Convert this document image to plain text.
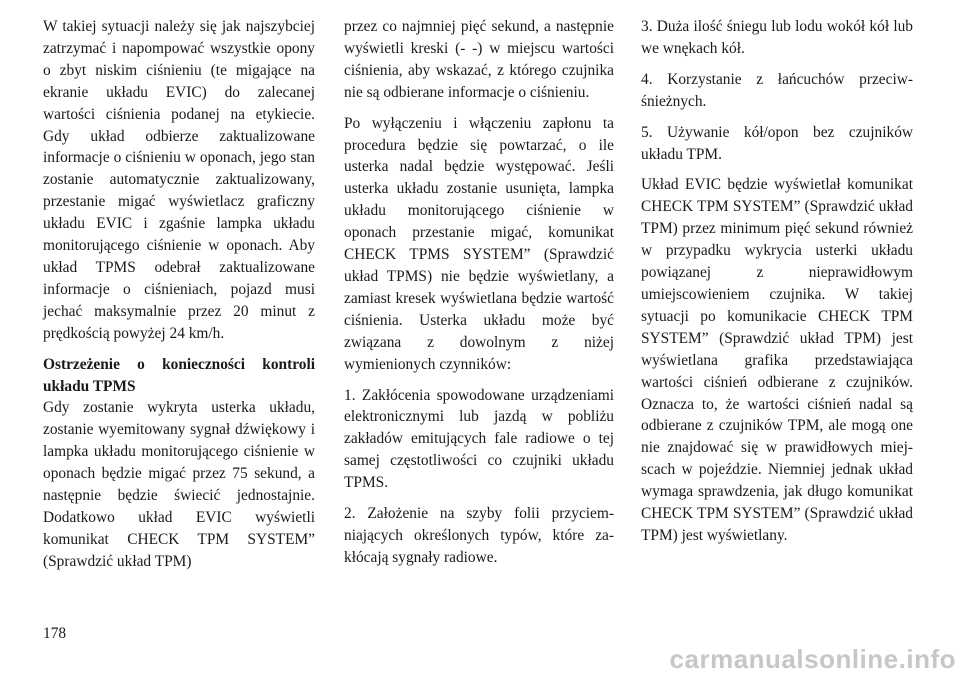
W takiej sytuacji należy się jak najszybciej zatrzymać i napompować wszystkie opony o zbyt niskim ciśnieniu (te migające na ekranie układu EVIC) do zalecanej wartości ciśnienia podanej na etykiecie. Gdy układ odbierze zaktualizowane informacje o ciśnieniu w oponach, jego stan zostanie automatycznie zaktualizowany, przestanie migać wyświetlacz graficzny układu EVIC i zgaśnie lampka układu monitorującego ciśnienie w oponach. Aby układ TPMS odebrał zaktualizowane informacje o ciśnieniach, pojazd musi jechać maksymalnie przez 20 minut z prędkością powyżej 24 km/h.

Ostrzeżenie o konieczności kontroli układu TPMS
Gdy zostanie wykryta usterka układu, zostanie wyemitowany sygnał dźwiękowy i lampka układu monitorującego ciśnienie w oponach będzie migać przez 75 sekund, a następnie będzie świecić jednostajnie. Dodatkowo układ EVIC wyświetli komunikat CHECK TPM SYSTEM” (Sprawdzić układ TPM)

przez co najmniej pięć sekund, a następnie wyświetli kreski (- -) w miejscu wartości ciśnienia, aby wskazać, z którego czujnika nie są odbierane informacje o ciśnieniu.

Po wyłączeniu i włączeniu zapłonu ta procedura będzie się powtarzać, o ile usterka nadal będzie występować. Jeśli usterka układu zostanie usunięta, lampka układu monitorującego ciśnienie w oponach przestanie migać, komunikat CHECK TPMS SYSTEM” (Sprawdzić układ TPMS) nie będzie wyświetlany, a zamiast kresek wyświetlana będzie wartość ciśnienia. Usterka układu może być związana z dowolnym z niżej wymienionych czynników:

1. Zakłócenia spowodowane urządzeniami elektronicznymi lub jazdą w pobliżu zakładów emitujących fale radiowe o tej samej częstotliwości co czujniki układu TPMS.

2. Założenie na szyby folii przyciemniających określonych typów, które zakłócają sygnały radiowe.

3. Duża ilość śniegu lub lodu wokół kół lub we wnękach kół.

4. Korzystanie z łańcuchów przeciwśnieżnych.

5. Używanie kół/opon bez czujników układu TPM.

Układ EVIC będzie wyświetlał komunikat CHECK TPM SYSTEM” (Sprawdzić układ TPM) przez minimum pięć sekund również w przypadku wykrycia usterki układu powiązanej z nieprawidłowym umiejscowieniem czujnika. W takiej sytuacji po komunikacie CHECK TPM SYSTEM” (Sprawdzić układ TPM) jest wyświetlana grafika przedstawiająca wartości ciśnień odbierane z czujników. Oznacza to, że wartości ciśnień nadal są odbierane z czujników TPM, ale mogą one nie znajdować się w prawidłowych miejscach w pojeździe. Niemniej jednak układ wymaga sprawdzenia, jak długo komunikat CHECK TPM SYSTEM” (Sprawdzić układ TPM) jest wyświetlany.

178
carmanualsonline.info
